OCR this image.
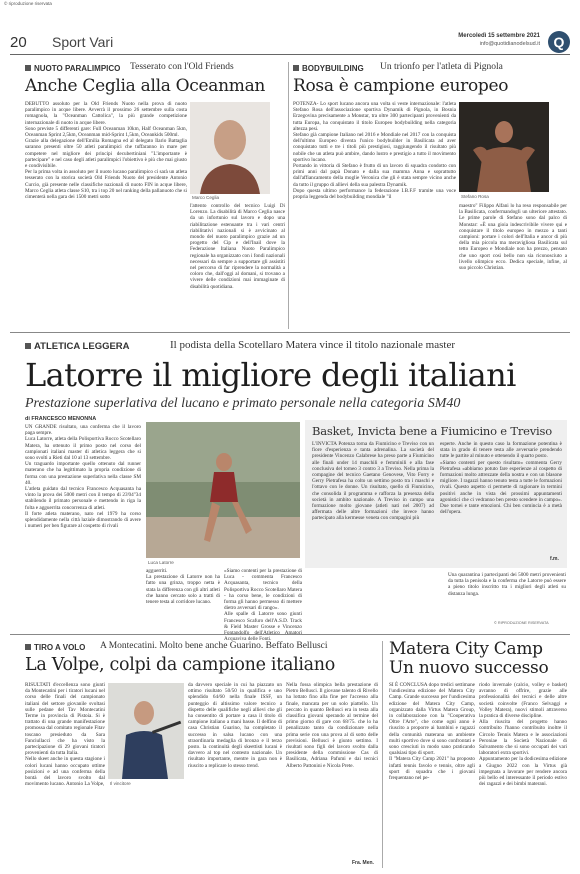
© riproduzione riservata
20 Sport Vari	Mercoledì 15 settembre 2021
info@quotidianodelsud.it Q
NUOTO PARALIMPICO Tesserato con l'Old Friends
Anche Ceglia alla Oceanman
DEBUTTO assoluto per la Old Friends Nuoto nella prova di nuoto paralimpico in acque libere. Avverrà il prossimo 26 settembre sulla costa romagnola, la "Oceanman Cattolica", la più grande competizione internazionale di nuoto in acque libere.
Sono previste 5 differenti gare: Full Oceanman 10km, Half Oceanman 5km, Oceanman Sprint 2,5km, Oceanman mid-Sprint 1,5km, Oceankids 500ml.
Grazie alla delegazione dell'Emilia Romagna ed al delegato Ilario Battaglia saranno presenti oltre 50 atleti paralimpici che tuffaranno in mare per competere nel migliore dei principi decubertiniani "L'importante è partecipare" e nel caso degli atleti paralimpici l'obiettivo è più che mai giusto e condivisibile.
Per la prima volta in assoluto per il nuoto lucano paralimpico ci sarà un atleta tesserato con la storica società Old Friends Nuoto del presidente Antonio Curcio, già presente nelle classifiche nazionali di nuoto FIN in acque libere, Marco Ceglia atleta classe S10, tra i top 20 nel ranking della pallanuoto che si cimenterà nella gara dei 1500 metri sotto	Marco Ceglia
l'attento controllo del tecnico Luigi Di Lorenzo. La disabilità di Marco Ceglia nasce da un infortunio sul lavoro e dopo una riabilitazione estenuante tra i vari centri riabilitativi nazionali si è avvicinato al mondo del nuoto paralimpico grazie ad un progetto del Cip e dell'Inail dove la Federazione Italiana Nuoto Paralimpico regionale ha organizzato con i fondi nazionali necessari da sempre a supportare gli assistiti nel percorso di far riprendere la normalità a coloro che, dall'oggi al domani, si trovano a vivere delle condizioni mai immaginate di disabilità quotidiana.
BODYBUILDING Un trionfo per l'atleta di Pignola
Rosa è campione europeo
POTENZA- Lo sport lucano ancora una volta si veste internazionale: l'atleta Stefano Rosa dell'associazione sportiva Dynamik di Pignola, in Bosnia Erzegovina precisamente a Monstar, tra oltre 300 partecipanti provenienti da tutta Europa, ha conquistato il titolo Europeo bodybuilding nella categoria altezza pesi.
Stefano già campione Italiano nel 2016 e Mondiale nel 2017 con la conquista dell'ultimo Europeo diventa l'unico bodybuilder in Basilicata ad aver conquistato tutti e tre i titoli più prestigiosi, raggiungendo il risultato più nobile che un atleta può ambire, dando lustro e prestigio a tutto il movimento sportivo lucano.
Portando in vittoria di Stefano è frutto di un lavoro di squadra condotto con primi anni dal papà Donato e dalla sua mamma Anna e soprattutto dall'affiancamento della moglie Veronica che gli è stata sempre vicino anche da tutto il gruppo di allievi della sua palestra Dynamik.
Dopo questa ultimo performance la federazione I.B.F.F tramite una voce propria leggenda del bodybuilding mondiale "il	Stefano Rosa
maestro" Filippo Alfani lo ha reso responsabile per la Basilicata, confermandogli un ulteriore attestato. Le prime parole di Stefano sono dal palco di Monstar: «È una gioia indescrivibile vivere qui e conquistare il titolo europeo in mezzo a tanti campioni: portare i colori dell'Italia e ancor di più della mia piccola ma meravigliosa Basilicata sul tetto Europeo e Mondiale non ha prezzo, pensato che uno sport così bello non sia riconosciuto a livello olimpico ecco. Dedica speciale, infine, al suo piccolo Christian.
ATLETICA LEGGERA	Il podista della Scotellaro Matera vince il titolo nazionale master
Latorre il migliore degli italiani
Prestazione superlativa del lucano e primato personale nella categoria SM40
di FRANCESCO MENONNA
UN GRANDE risultato, una conferma che il lavoro paga sempre.
Luca Latorre, atleta della Polisportiva Rocco Scotellaro Matera, ha ottenuto il primo posto nel corso del campionati italiani master di atletica leggera che si sono svolti a Rieti dal 10 al 13 settembre.
Un traguardo importante quello ottenuto dal runner materano che ha legittimato la propria condizione di forma con una prestazione superlativa nella classe SM 40.
L'atleta guidato dal tecnico Francesco Acquasanta ha vinto la prova dei 5000 metri con il tempo di 23'04"34 stabilendo il primato personale e mettendo in riga la folta e agguerrita concorrenza di atleti.
Il forte atleta materano, nato nel 1979 ha corso splendidamente nella città laziale dimostrando di avere i numeri per ben figurare al cospetto di rivali
Luca Latorre
agguerriti.
La prestazione di Latorre non ha fatto una grinza, troppo netta è stata la differenza con gli altri atleti che hanno cercato solo a tratti di tenere testa al corridore lucano.
Basket, Invicta bene a Fiumicino e Treviso
L'INVICTA Potenza torna da Fiumicino e Treviso con un fiore d'esperienza e tanta adrenalina. La società del presidente Vincenzo Calabrese ha preso parte a Fiumicino alle finali under 14 maschili e femminili e alla fase conclusiva del torneo 3 contro 3 a Treviso. Nella prima la compagine del tecnico Gaetano Genovese, Vito Forry e Gerry Pietrafesa ha colto un settimo posto tra i maschi e l'ottavo con le donne. Un risultato, quello di Fiumicino, che consolida il programma e rafforza la presenza della società in ambito nazionale. A Treviso in campo una formazione molto giovane (atleti nati nel 2007) ad affermata delle altre formazioni che invece hanno partecipato alla kermesse veneta con compagini più
esperte. Anche in questo caso la formazione potentina è stata in grado di tenere testa alle avversarie prendendo tutte le partite al minuto e ottenendo il quarto posto.
«Siamo contenti per questo risultato» commenta Gerry Pietrafesa «abbiamo potuto fare esperienze al cospetto di formazioni molto attrezzate della nostra e con un blasone migliore. I ragazzi hanno tenuto testa a tutte le formazioni rivali. Questo aspetto ci permette di ragionare in termini positivi anche in vista dei prossimi appuntamenti agonistici che ci vedranno ben presto scendere in campo». Due tornei e tante emozioni. Chi ben comincia è a metà dell'opera.
f.m.
«Siamo contenti per la prestazione di Luca - commenta Francesco Acquasanta, tecnico della Polisportiva Rocco Scotellaro Matera - ha corso bene, le condizioni di forma gli hanno permesso di mettere dietro avversari di rango».
Alle spalle di Latorre sono giunti Francesco Scafuro dell'A.S.D. Track & Field Master Grosse e Vincenzo Acquaviva delle Fonti.
Una quarantina i partecipanti dei 5000 metri provenienti da tutta la penisola e la conferma che Latorre può essere a pieno titolo inscritto tra i migliori degli atleti su distanza lunga.
© RIPRODUZIONE RISERVATA
TIRO A VOLO A Montecatini. Molto bene anche Guarino. Beffato Bellusci
La Volpe, colpi da campione italiano
RISULTATI d'eccellenza sono giunti da Montecatini per i tiratori lucani nel corso delle finali del campionato italiani del settore giovanile svoltasi sulle pedane del Tav Montecatini Terme in provincia di Pistoia. Si è trattato di una grande manifestazione promossa dal comitato regionale Fitav toscano presieduto da Sara Fanciullacci che ha visto la partecipazione di 29 giovani tiratori provenienti da tutta Italia.
Nello skeet anche in questa stagione i colori lucani hanno occupato ottime posizioni e ad una conferma della bontà del lavoro svolto dal movimento lucano. Antonio La Volpe, Il vincitore
da davvero speciale in cui ha piazzato un ottimo risultato 50/50 in qualifica e uno splendido 64/60 nella finale ISSF, un punteggio di altissimo valore tecnico a dispetto delle qualifiche negli allievi che gli ha consentito di portare a casa il titolo di campione italiano a mani basse. Il delfino di casa Christian Guarino, ha completato il successo in salsa lucano con una straordinaria medaglia di bronzo e il terzo posto. la continuità degli skeettisti lucani è davvero al top nel contesto nazionale. Un risultato importante, mentre in gara non è riuscito a replicare lo stesso trend.
Nella fossa olimpica bella prestazione di Pietro Bellusci. Il giovane talento di Rivello ha lottato fino alla fine per l'accesso alla finale, mancata per un solo piattello. Un peccato in quanto Bellusci era in testa alla classifica giovani sperando al termine del primo giorno di gare con 68/75. che lo ha penalizzato tanto da condizionare nella prima serie con una prova al di sotto delle previsioni. Bellusci è giunto settimo. I risultati sono figli del lavoro svolto dalla presidente della commissione Cas di Basilicata, Adriana Pafumi e dai tecnici Alberto Pattonini e Nicola Prete.
Fra. Men.
Matera City Camp
Un nuovo successo
SI È CONCLUSA dopo tredici settimane l'undicesima edizione del Matera City Camp. Grande successo per l'undicesima edizione del Matera City Camp, organizzato dalla Virtus Matera Group, in collaborazione con la "Cooperativa Oltre l'Arte", che come ogni anno è riuscito a proporre ai bambini e ragazzi della comunità materana un ambiente multi sportivo dove si sono confrontati e sono cresciuti in modo sano praticando qualsiasi tipo di sport.
Il "Matera City Camp 2021" ha proposto infatti tennis favolo e tennis, oltre agli sport di squadra che i giovani frequentano nel pe-
riodo invernale (calcio, volley e basket) avranno di offrire, grazie alle professionalità dei tecnici e delle altre società coinvolte (Franco Selvaggi e Volley Matera), nuovi stimoli attraverso la pratica di diverse discipline.
Alla riuscita del progetto hanno contribuito l'hanno contribuito inoltre il Circolo Tennis Matera e le associazioni Peroniae la Società Nazionale di Salvamento che si sono occupati dei vari laboratori extra sportivi.
Appuntamento per la dodicesima edizione a Giugno 2022 con la Virtus già impegnata a lavorare per rendere ancora più bello ed interessante il periodo estivo dei ragazzi e dei bimbi materani.
